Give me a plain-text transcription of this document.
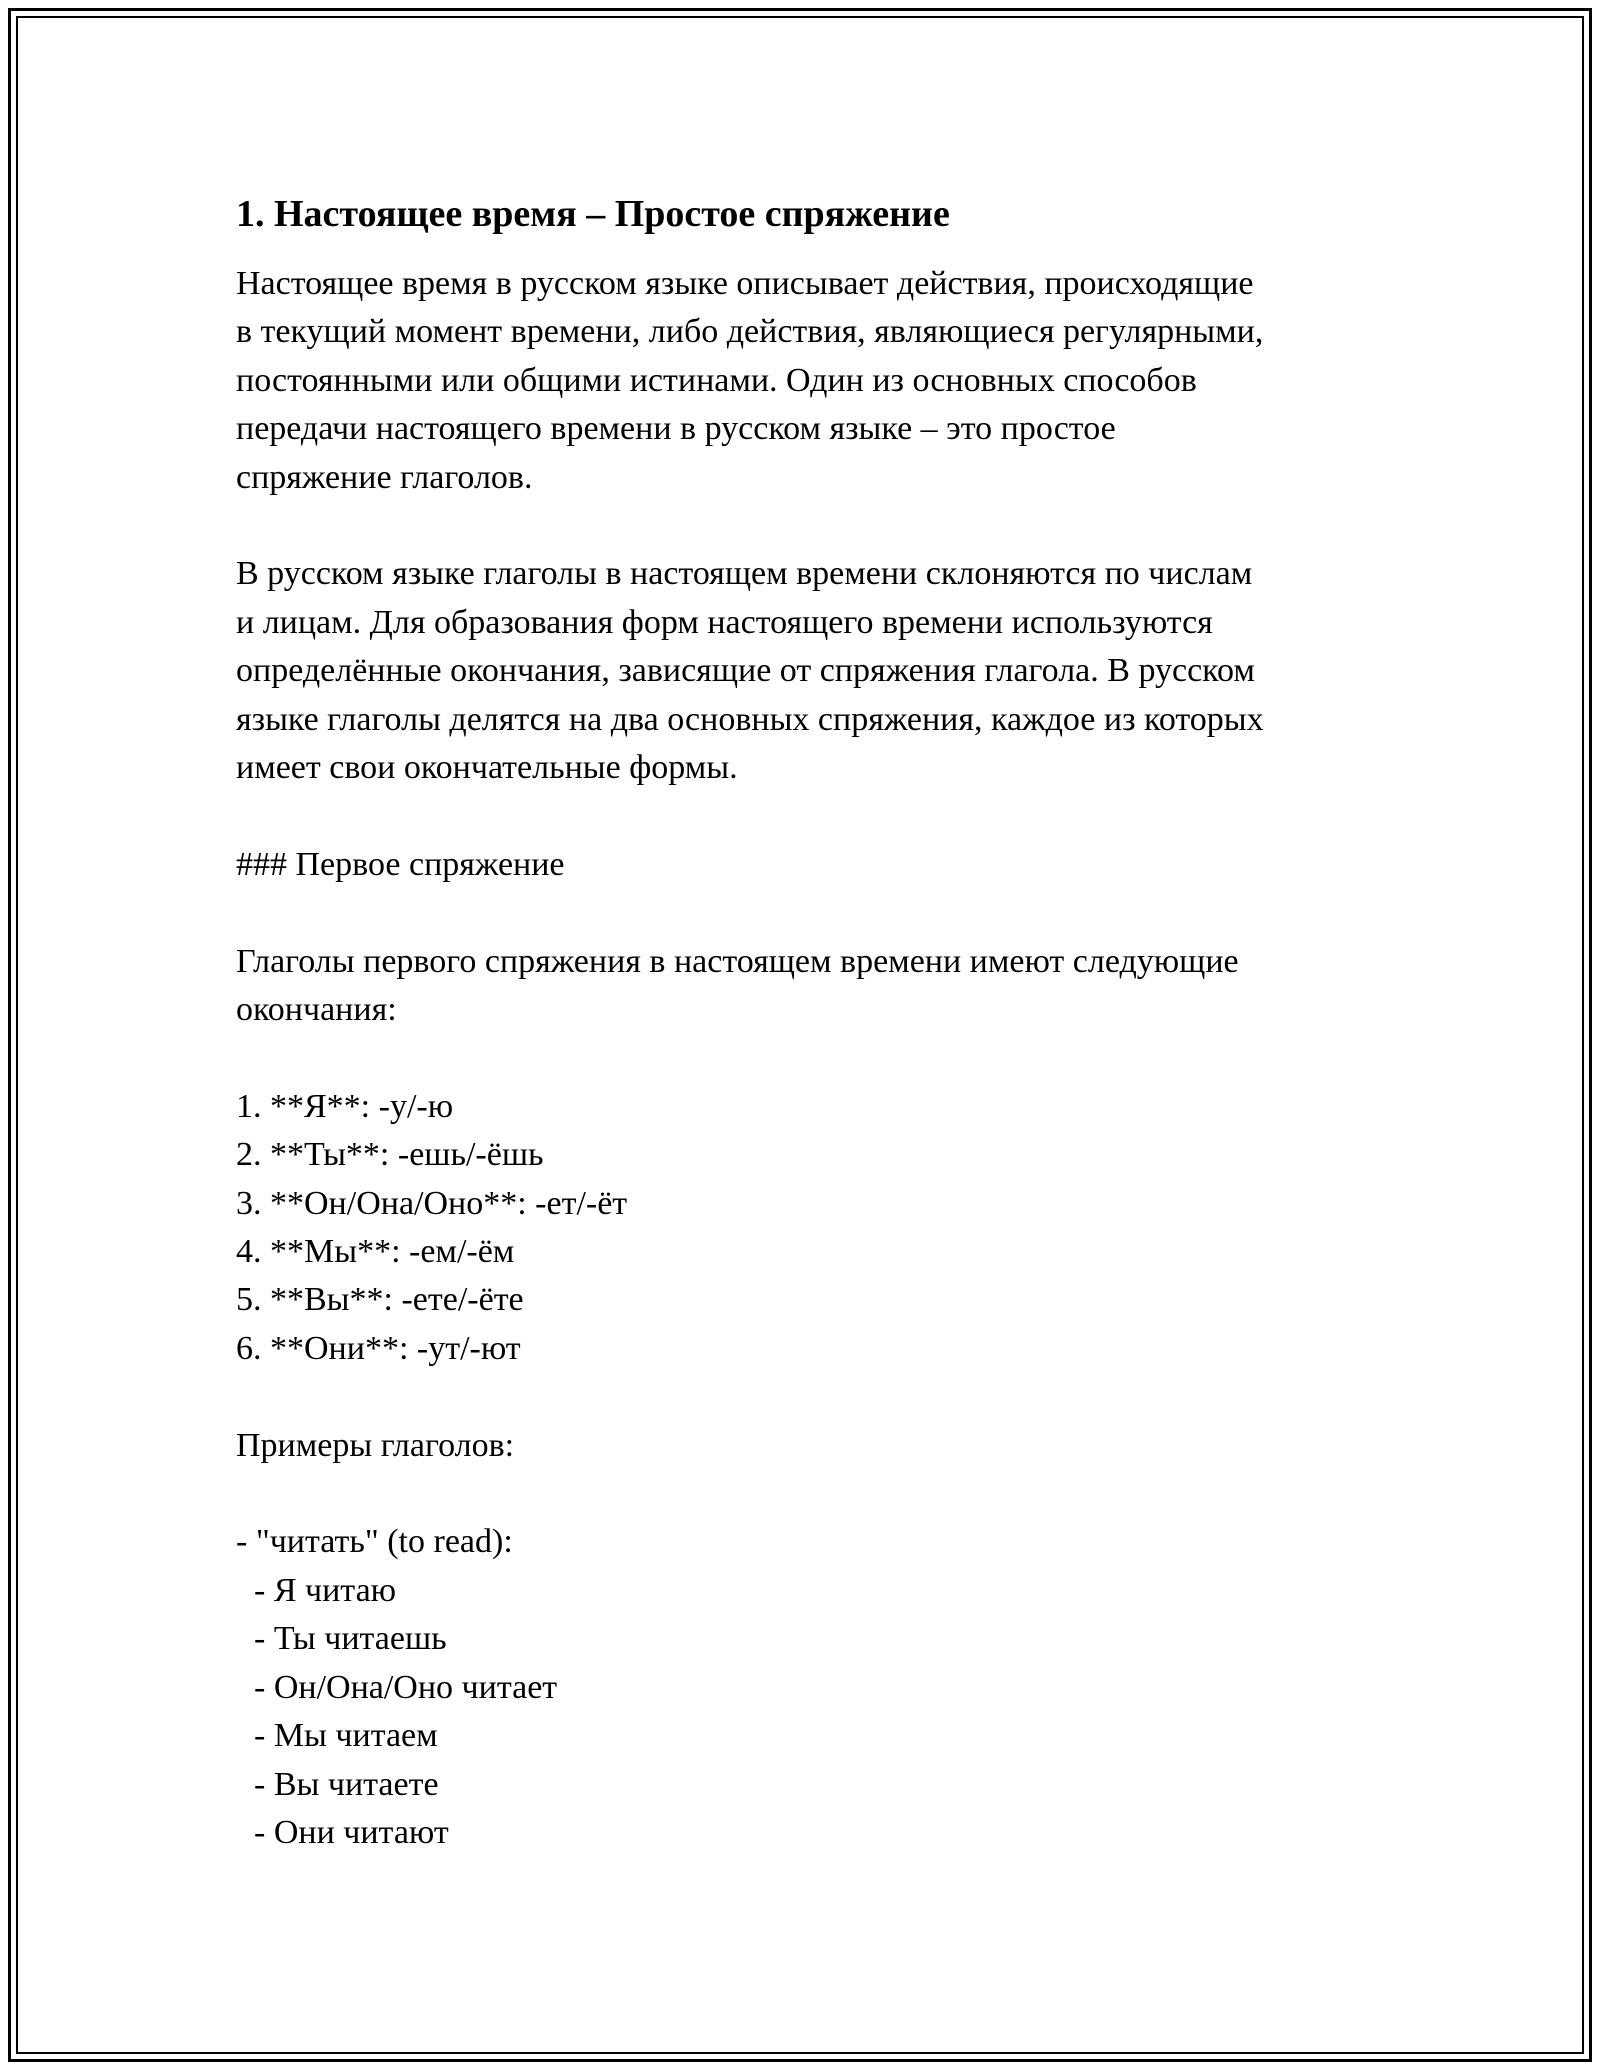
1. Настоящее время – Простое спряжение
Настоящее время в русском языке описывает действия, происходящие
в текущий момент времени, либо действия, являющиеся регулярными,
постоянными или общими истинами. Один из основных способов
передачи настоящего времени в русском языке – это простое
спряжение глаголов.
В русском языке глаголы в настоящем времени склоняются по числам
и лицам. Для образования форм настоящего времени используются
определённые окончания, зависящие от спряжения глагола. В русском
языке глаголы делятся на два основных спряжения, каждое из которых
имеет свои окончательные формы.
### Первое спряжение
Глаголы первого спряжения в настоящем времени имеют следующие
окончания:
1. **Я**: -у/-ю
2. **Ты**: -ешь/-ёшь
3. **Он/Она/Оно**: -ет/-ёт
4. **Мы**: -ем/-ём
5. **Вы**: -ете/-ёте
6. **Они**: -ут/-ют
Примеры глаголов:
- "читать" (to read):
- Я читаю
- Ты читаешь
- Он/Она/Оно читает
- Мы читаем
- Вы читаете
- Они читают
